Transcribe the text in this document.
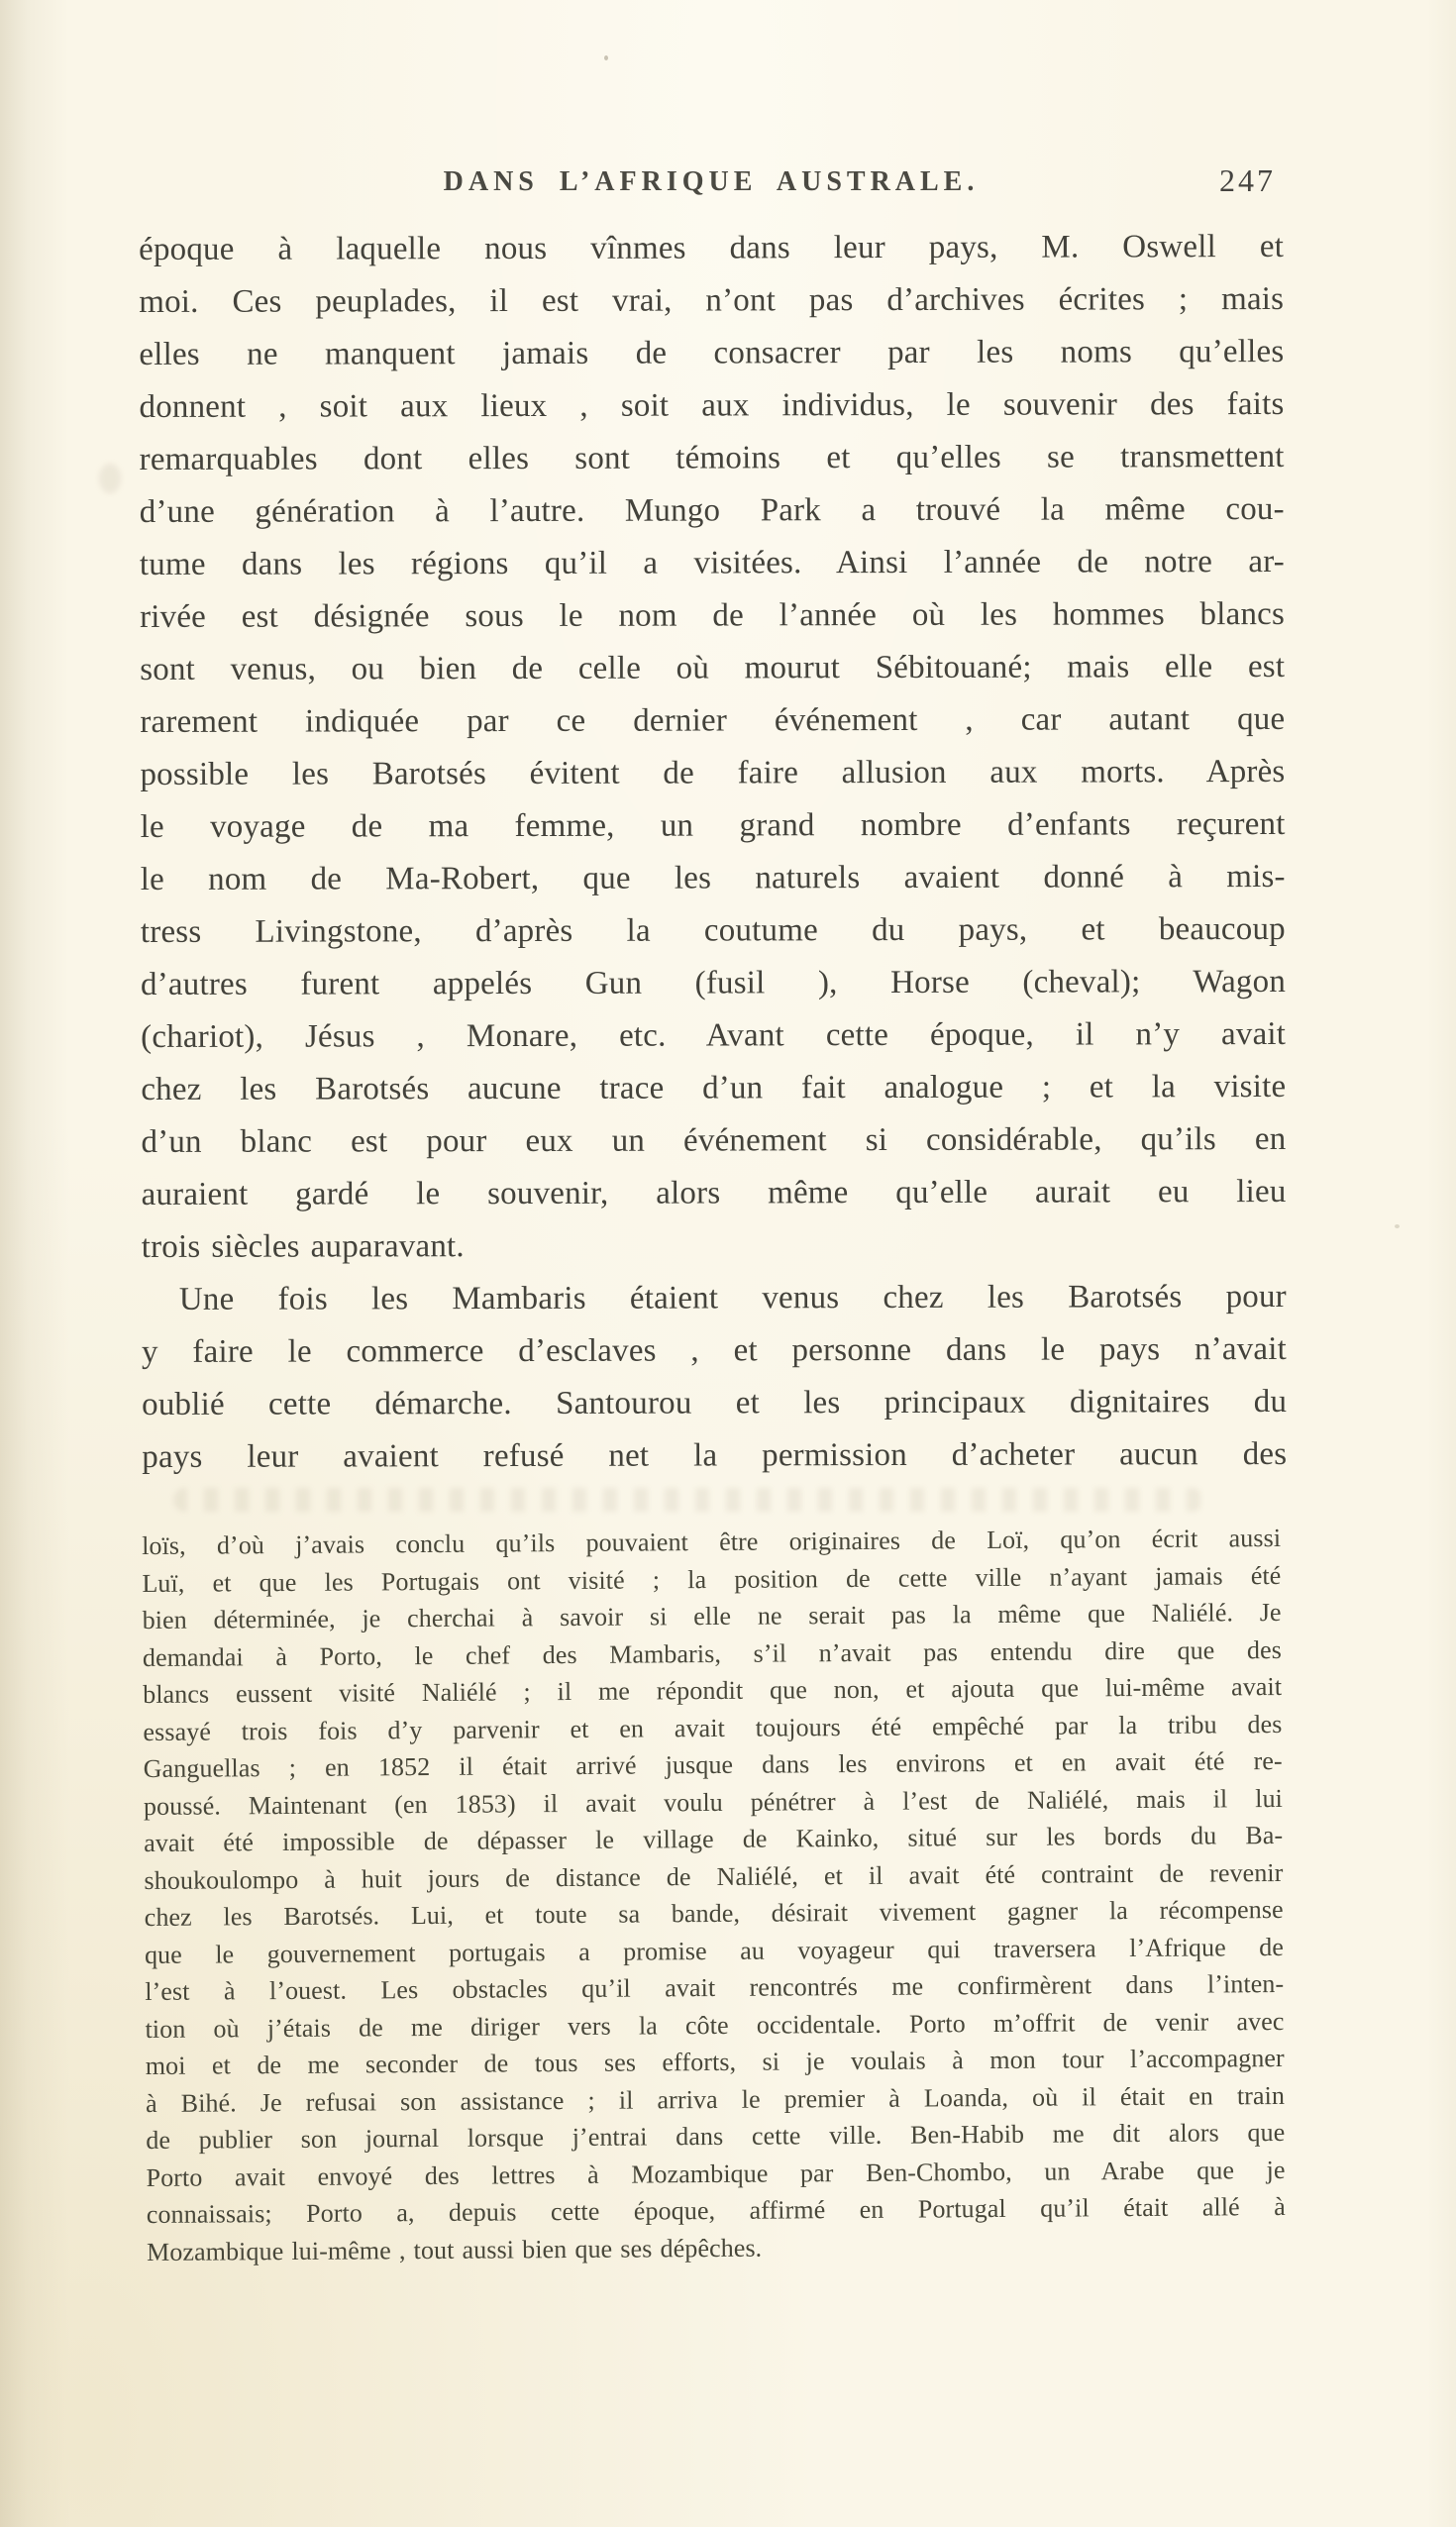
DANS L’AFRIQUE AUSTRALE.	247
époque à laquelle nous vînmes dans leur pays, M. Oswell et
moi. Ces peuplades, il est vrai, n’ont pas d’archives écrites ; mais
elles ne manquent jamais de consacrer par les noms qu’elles
donnent , soit aux lieux , soit aux individus, le souvenir des faits
remarquables dont elles sont témoins et qu’elles se transmettent
d’une génération à l’autre. Mungo Park a trouvé la même cou-
tume dans les régions qu’il a visitées. Ainsi l’année de notre ar-
rivée est désignée sous le nom de l’année où les hommes blancs
sont venus, ou bien de celle où mourut Sébitouané; mais elle est
rarement indiquée par ce dernier événement , car autant que
possible les Barotsés évitent de faire allusion aux morts. Après
le voyage de ma femme, un grand nombre d’enfants reçurent
le nom de Ma-Robert, que les naturels avaient donné à mis-
tress Livingstone, d’après la coutume du pays, et beaucoup
d’autres furent appelés Gun (fusil ), Horse (cheval); Wagon
(chariot), Jésus , Monare, etc. Avant cette époque, il n’y avait
chez les Barotsés aucune trace d’un fait analogue ; et la visite
d’un blanc est pour eux un événement si considérable, qu’ils en
auraient gardé le souvenir, alors même qu’elle aurait eu lieu
trois siècles auparavant.
Une fois les Mambaris étaient venus chez les Barotsés pour
y faire le commerce d’esclaves , et personne dans le pays n’avait
oublié cette démarche. Santourou et les principaux dignitaires du
pays leur avaient refusé net la permission d’acheter aucun des
loïs, d’où j’avais conclu qu’ils pouvaient être originaires de Loï, qu’on écrit aussi
Luï, et que les Portugais ont visité ; la position de cette ville n’ayant jamais été
bien déterminée, je cherchai à savoir si elle ne serait pas la même que Naliélé. Je
demandai à Porto, le chef des Mambaris, s’il n’avait pas entendu dire que des
blancs eussent visité Naliélé ; il me répondit que non, et ajouta que lui-même avait
essayé trois fois d’y parvenir et en avait toujours été empêché par la tribu des
Ganguellas ; en 1852 il était arrivé jusque dans les environs et en avait été re-
poussé. Maintenant (en 1853) il avait voulu pénétrer à l’est de Naliélé, mais il lui
avait été impossible de dépasser le village de Kainko, situé sur les bords du Ba-
shoukoulompo à huit jours de distance de Naliélé, et il avait été contraint de revenir
chez les Barotsés. Lui, et toute sa bande, désirait vivement gagner la récompense
que le gouvernement portugais a promise au voyageur qui traversera l’Afrique de
l’est à l’ouest. Les obstacles qu’il avait rencontrés me confirmèrent dans l’inten-
tion où j’étais de me diriger vers la côte occidentale. Porto m’offrit de venir avec
moi et de me seconder de tous ses efforts, si je voulais à mon tour l’accompagner
à Bihé. Je refusai son assistance ; il arriva le premier à Loanda, où il était en train
de publier son journal lorsque j’entrai dans cette ville. Ben-Habib me dit alors que
Porto avait envoyé des lettres à Mozambique par Ben-Chombo, un Arabe que je
connaissais; Porto a, depuis cette époque, affirmé en Portugal qu’il était allé à
Mozambique lui-même , tout aussi bien que ses dépêches.
